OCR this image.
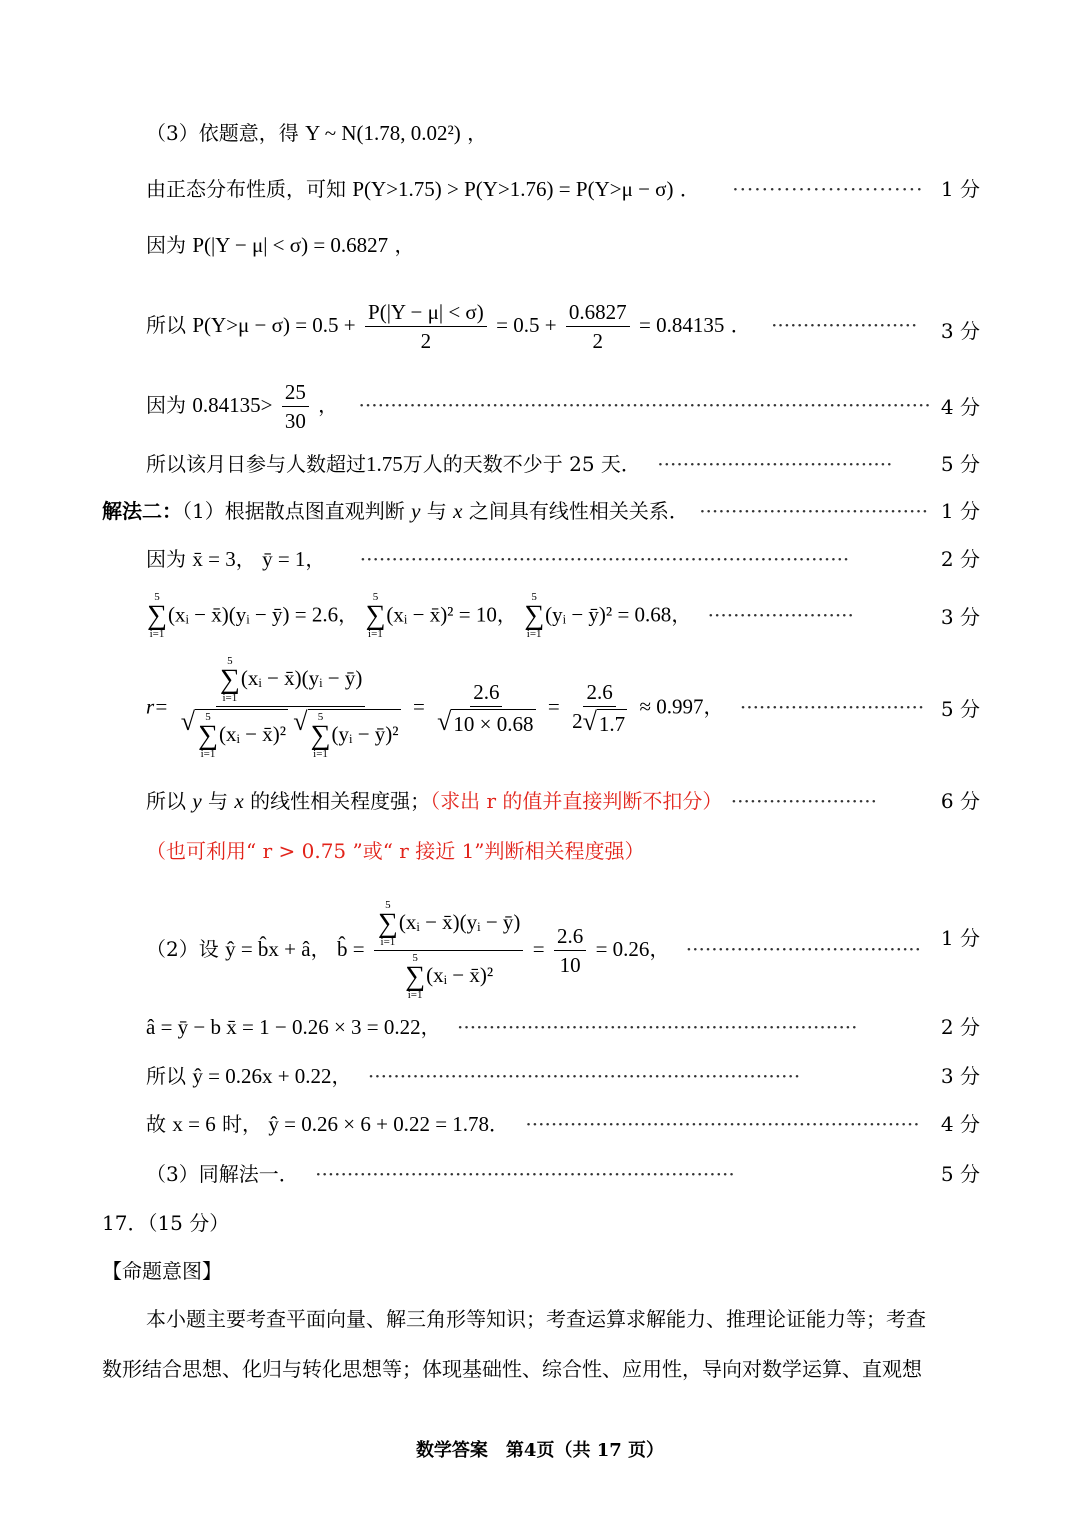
（3）依题意，得 Y ~ N(1.78, 0.02²) ，
由正态分布性质，可知 P(Y>1.75) > P(Y>1.76) = P(Y>μ − σ) ． ·························· 1 分
因为 P(|Y − μ| < σ) = 0.6827 ，
所以 $P(Y>\mu - \sigma) = 0.5 + \frac{P(|Y - \mu| < \sigma)}{2} = 0.5 + \frac{0.6827}{2} = 0.84135$ ． ······················· 3 分
因为 $0.84135> \frac{25}{30}$ ， ·························································································· 4 分
所以该月日参与人数超过1.75万人的天数不少于 25 天． ····································· 5 分
解法二：（1）根据散点图直观判断 y 与 x 之间具有线性相关关系． ···································· 1 分
因为 x̄ = 3， ȳ = 1， ·············································································	2 分
5
∑
i=1
(xᵢ − x̄)(yᵢ − ȳ) = 2.6，
5
∑
i=1
(xᵢ − x̄)² = 10，
5
∑
i=1
(yᵢ − ȳ)² = 0.68， ·······················	3 分
r= 5
∑
i=1
(xᵢ − x̄)(yᵢ − ȳ)
√ 5
∑
i=1
(xᵢ − x̄)²
√ 5
∑
i=1
(yᵢ − ȳ)² = $\frac{2.6}{√ 10 \times 0.68} = \frac{2.6}{2 √ 1.7} \approx 0.997$， ····························· 5 分
所以 y 与 x 的线性相关程度强；（求出 r 的值并直接判断不扣分） ·······················	6 分
（也可利用“ r > 0.75 ”或“ r 接近 1”判断相关程度强）
（2）设 ŷ = b̂x + â， b̂ = 5
∑
i=1
(xᵢ − x̄)(yᵢ − ȳ)
5
∑
i=1
(xᵢ − x̄)² = $\frac{2.6}{10} = 0.26$， ····································· 1 分
â = ȳ − b x̄ = 1 − 0.26 × 3 = 0.22， ·······························································	2 分
所以 ŷ = 0.26x + 0.22， ····································································	3 分
故 x = 6 时， ŷ = 0.26 × 6 + 0.22 = 1.78． ······························································ 4 分
（3）同解法一． ··································································	5 分
17．（15 分）
【命题意图】
本小题主要考查平面向量、解三角形等知识；考查运算求解能力、推理论证能力等；考查
数形结合思想、化归与转化思想等；体现基础性、综合性、应用性，导向对数学运算、直观想
数学答案　第4页（共 17 页）
